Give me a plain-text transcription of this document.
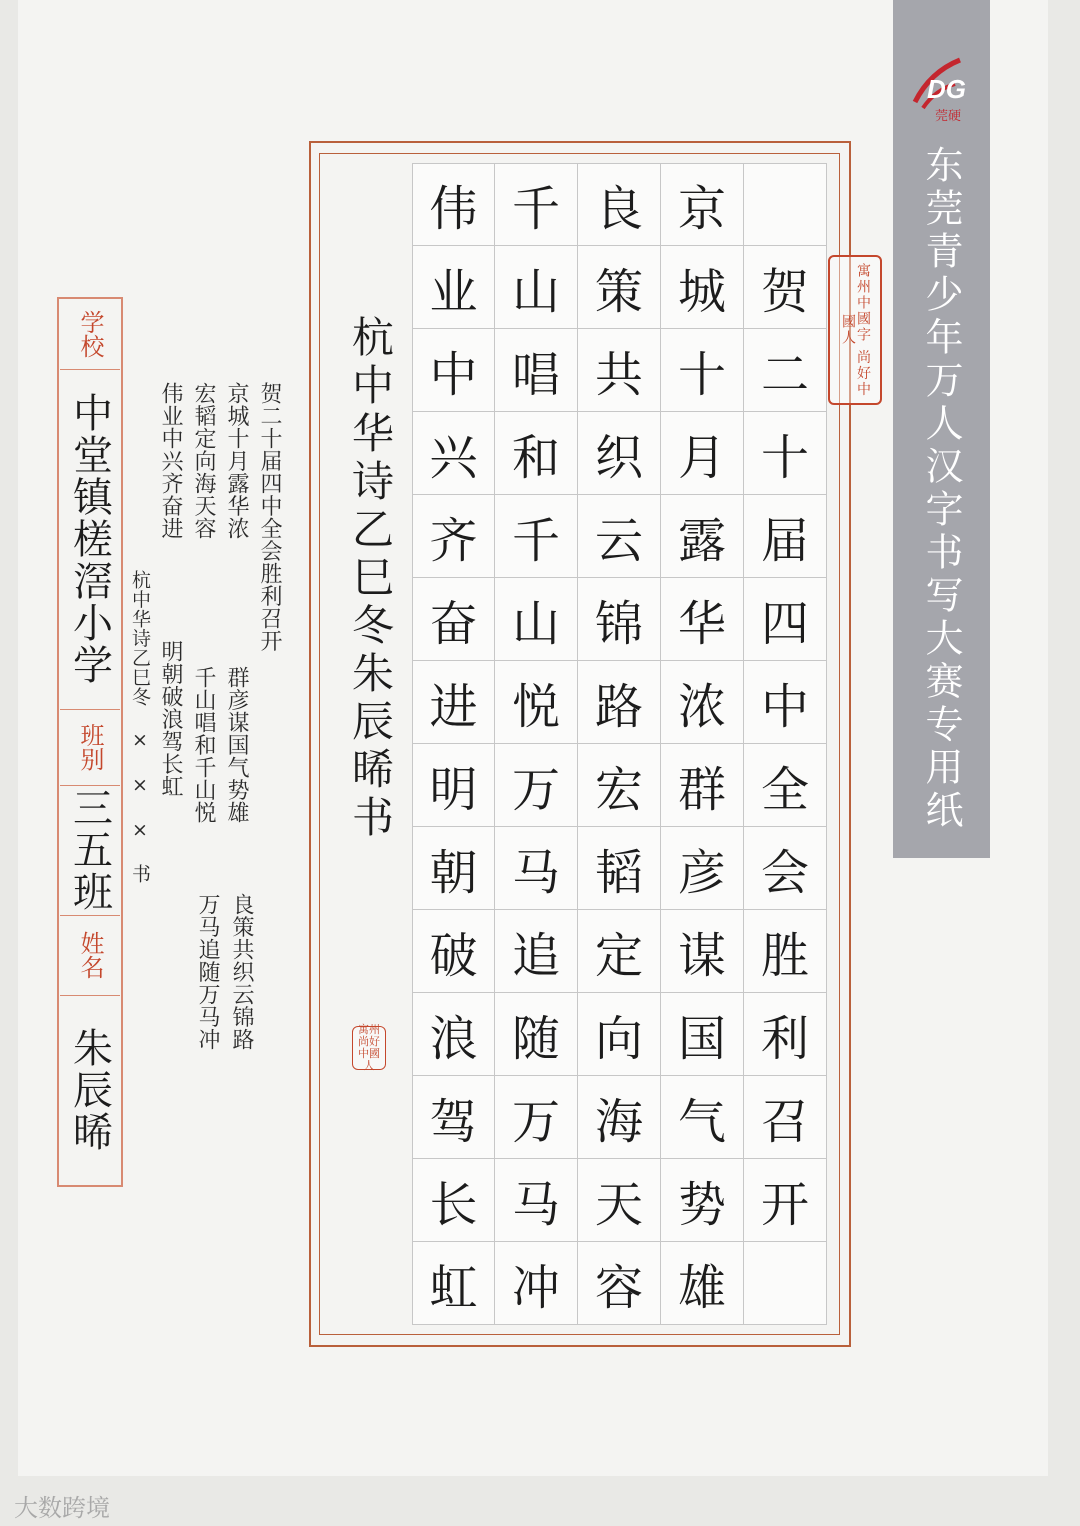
DG
莞硬
东莞青少年万人汉字书写大赛专用纸
伟 千 良 京
业 山 策 城 贺
中 唱 共 十 二
兴 和 织 月 十
齐 千 云 露 届
奋 山 锦 华 四
进 悦 路 浓 中
明 万 宏 群 全
朝 马 韬 彦 会
破 追 定 谋 胜
浪 随 向 国 利
驾 万 海 气 召
长 马 天 势 开
虹 冲 容 雄
杭中华诗乙巳冬朱辰晞书	寓州中國字 尚好中國人
寓州 尚好 中國 人
贺二十届四中全会胜利召开
京城十月露华浓
群彦谋国气势雄
良策共织云锦路
宏韬定向海天容
千山唱和千山悦
万马追随万马冲
伟业中兴齐奋进
明朝破浪驾长虹
杭中华诗乙巳冬 × × × 书
学校
中堂镇槎滘小学
班别
三五班
姓名
朱辰晞
大数跨境
